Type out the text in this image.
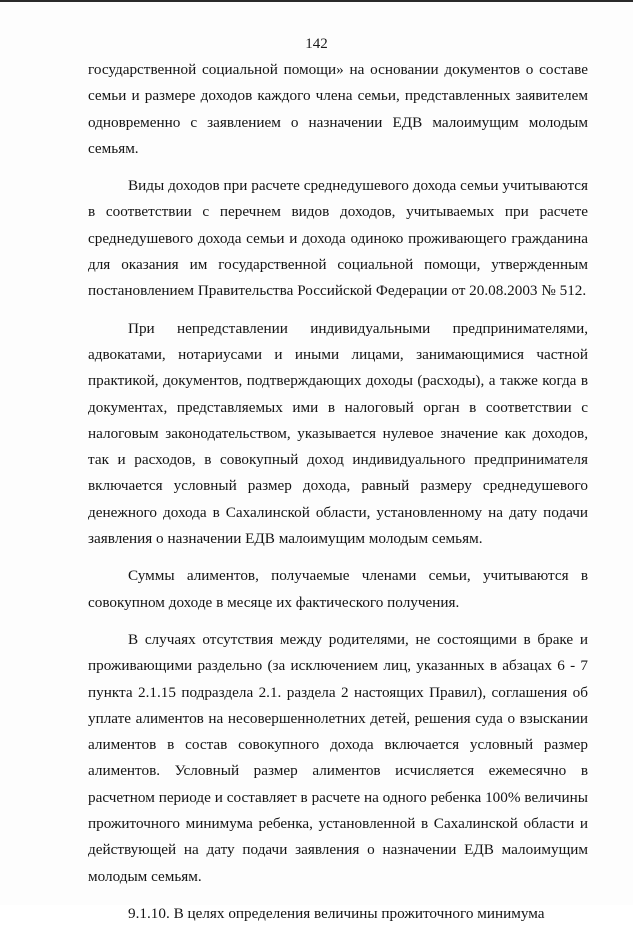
142

государственной социальной помощи» на основании документов о составе семьи и размере доходов каждого члена семьи, представленных заявителем одновременно с заявлением о назначении ЕДВ малоимущим молодым семьям.

Виды доходов при расчете среднедушевого дохода семьи учитываются в соответствии с перечнем видов доходов, учитываемых при расчете среднедушевого дохода семьи и дохода одиноко проживающего гражданина для оказания им государственной социальной помощи, утвержденным постановлением Правительства Российской Федерации от 20.08.2003 № 512.

При непредставлении индивидуальными предпринимателями, адвокатами, нотариусами и иными лицами, занимающимися частной практикой, документов, подтверждающих доходы (расходы), а также когда в документах, представляемых ими в налоговый орган в соответствии с налоговым законодательством, указывается нулевое значение как доходов, так и расходов, в совокупный доход индивидуального предпринимателя включается условный размер дохода, равный размеру среднедушевого денежного дохода в Сахалинской области, установленному на дату подачи заявления о назначении ЕДВ малоимущим молодым семьям.

Суммы алиментов, получаемые членами семьи, учитываются в совокупном доходе в месяце их фактического получения.

В случаях отсутствия между родителями, не состоящими в браке и проживающими раздельно (за исключением лиц, указанных в абзацах 6 - 7 пункта 2.1.15 подраздела 2.1. раздела 2 настоящих Правил), соглашения об уплате алиментов на несовершеннолетних детей, решения суда о взыскании алиментов в состав совокупного дохода включается условный размер алиментов. Условный размер алиментов исчисляется ежемесячно в расчетном периоде и составляет в расчете на одного ребенка 100% величины прожиточного минимума ребенка, установленной в Сахалинской области и действующей на дату подачи заявления о назначении ЕДВ малоимущим молодым семьям.

9.1.10. В целях определения величины прожиточного минимума
